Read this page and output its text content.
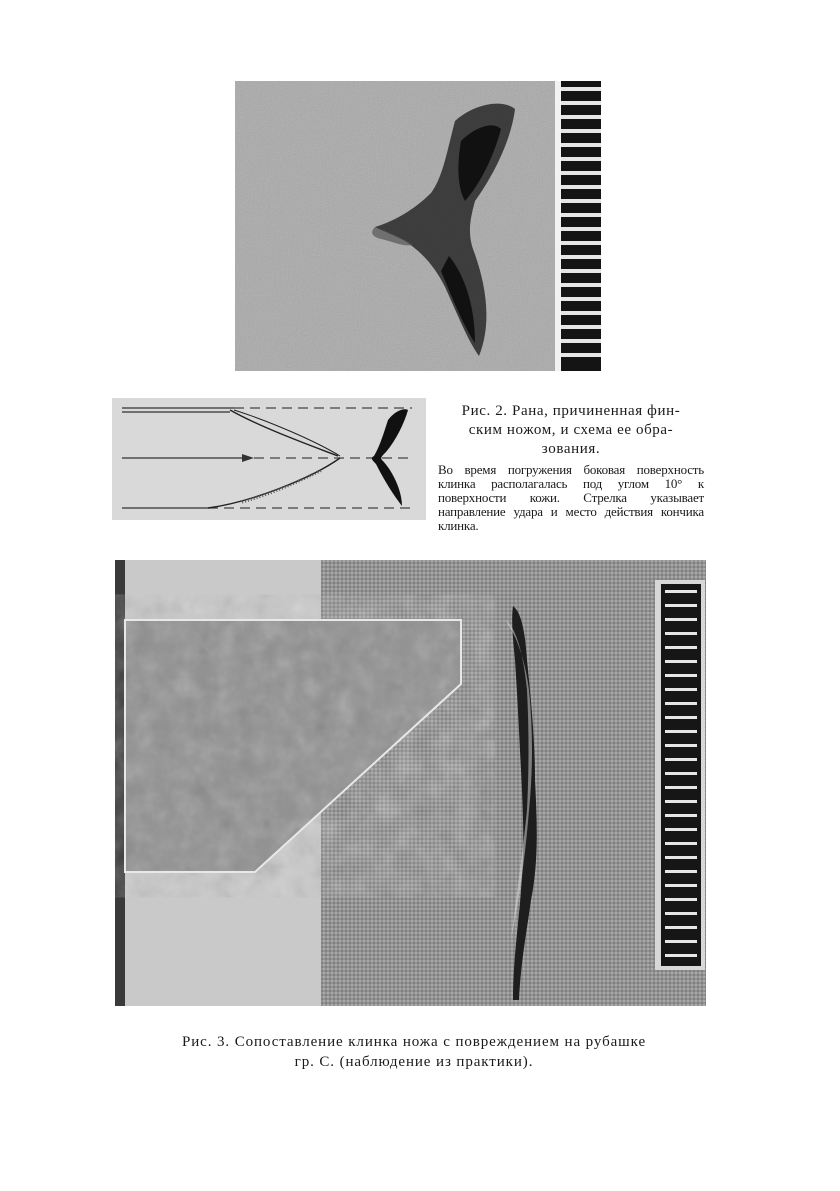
Рис. 2. Рана, причиненная фин-
ским ножом, и схема ее обра-
зования.
Во время погружения боковая поверхность клинка располагалась под углом 10° к поверхности кожи. Стрелка указывает направление удара и место действия кончика клинка.
Рис. 3. Сопоставление клинка ножа с повреждением на рубашке
гр. С. (наблюдение из практики).
